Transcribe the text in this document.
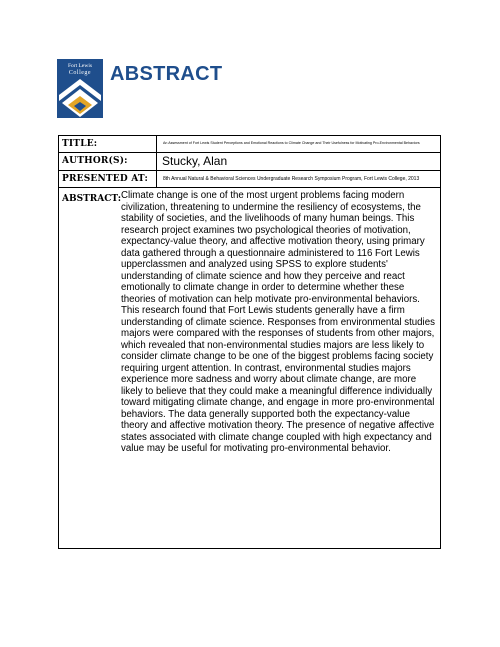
Fort Lewis
College ABSTRACT
TITLE:	An Assessment of Fort Lewis Student Perceptions and Emotional Reactions to Climate Change and Their Usefulness for Motivating Pro-Environmental Behaviors
AUTHOR(S):	Stucky, Alan
PRESENTED AT:	8th Annual Natural & Behavioral Sciences Undergraduate Research Symposium Program, Fort Lewis College, 2013
ABSTRACT: Climate change is one of the most urgent problems facing modern civilization, threatening to undermine the resiliency of ecosystems, the stability of societies, and the livelihoods of many human beings. This research project examines two psychological theories of motivation, expectancy-value theory, and affective motivation theory, using primary data gathered through a questionnaire administered to 116 Fort Lewis upperclassmen and analyzed using SPSS to explore students' understanding of climate science and how they perceive and react emotionally to climate change in order to determine whether these theories of motivation can help motivate pro-environmental behaviors. This research found that Fort Lewis students generally have a firm understanding of climate science. Responses from environmental studies majors were compared with the responses of students from other majors, which revealed that non-environmental studies majors are less likely to consider climate change to be one of the biggest problems facing society requiring urgent attention. In contrast, environmental studies majors experience more sadness and worry about climate change, are more likely to believe that they could make a meaningful difference individually toward mitigating climate change, and engage in more pro-environmental behaviors. The data generally supported both the expectancy-value theory and affective motivation theory. The presence of negative affective states associated with climate change coupled with high expectancy and value may be useful for motivating pro-environmental behavior.
